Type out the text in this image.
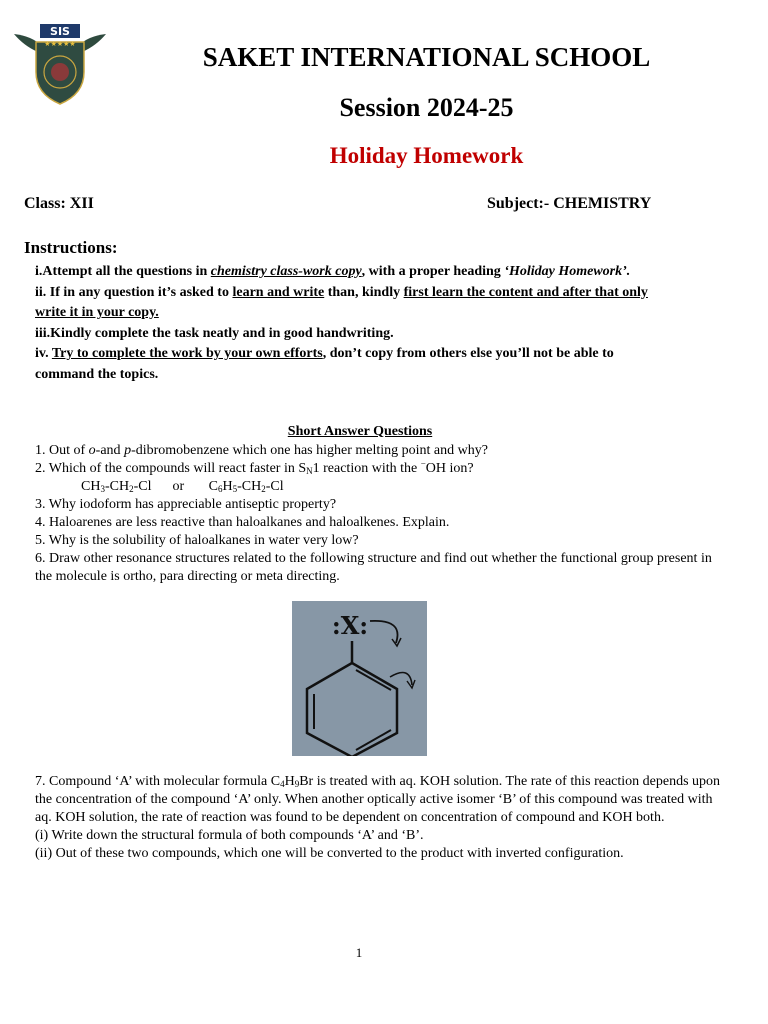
SIS
★★★★★	SAKET INTERNATIONAL SCHOOL
Session 2024-25
Holiday Homework
Class: XII	Subject:- CHEMISTRY
Instructions:

i.Attempt all the questions in chemistry class-work copy, with a proper heading ‘Holiday Homework’.

ii. If in any question it’s asked to learn and write than, kindly first learn the content and after that only write it in your copy.

iii.Kindly complete the task neatly and in good handwriting.

iv. Try to complete the work by your own efforts, don’t copy from others else you’ll not be able to command the topics.

Short Answer Questions

1. Out of o-and p-dibromobenzene which one has higher melting point and why?

2. Which of the compounds will react faster in $S_N1$ reaction with the −OH ion?

$CH_3-CH_2-Cl$      or       $C_6H_5-CH_2-Cl$

3. Why iodoform has appreciable antiseptic property?

4. Haloarenes are less reactive than haloalkanes and haloalkenes. Explain.

5. Why is the solubility of haloalkanes in water very low?

6. Draw other resonance structures related to the following structure and find out whether the functional group present in the molecule is ortho, para directing or meta directing.

:X:

7. Compound ‘A’ with molecular formula $C_4H_9Br$ is treated with aq. KOH solution. The rate of this reaction depends upon the concentration of the compound ‘A’ only. When another optically active isomer ‘B’ of this compound was treated with aq. KOH solution, the rate of reaction was found to be dependent on concentration of compound and KOH both.

(i) Write down the structural formula of both compounds ‘A’ and ‘B’.

(ii) Out of these two compounds, which one will be converted to the product with inverted configuration.

1
